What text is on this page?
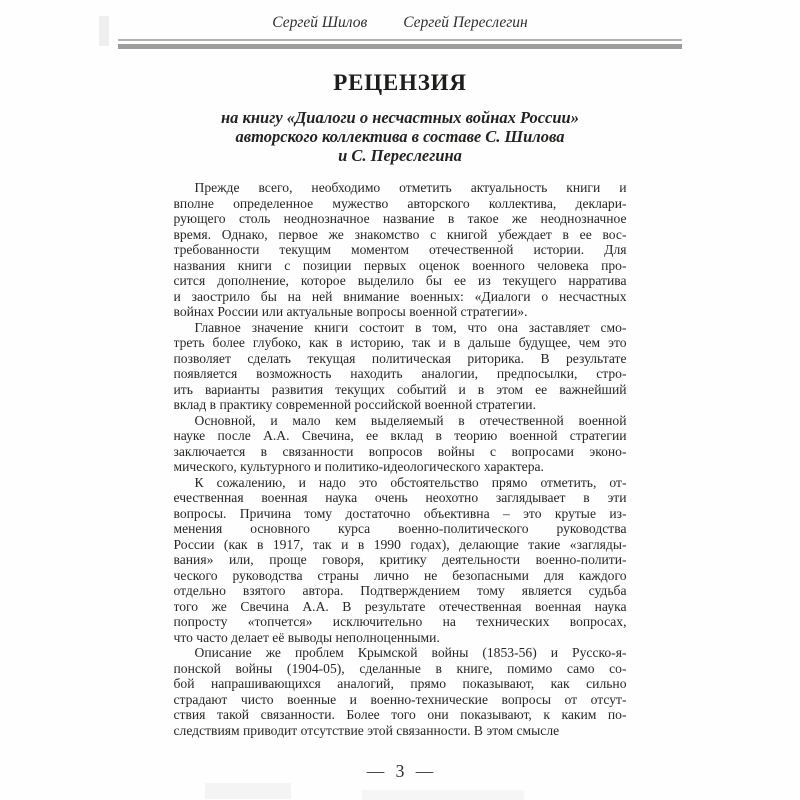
Сергей Шилов Сергей Переслегин
РЕЦЕНЗИЯ
на книгу «Диалоги о несчастных войнах России»
авторского коллектива в составе С. Шилова
и С. Переслегина

Прежде всего, необходимо отметить актуальность книги и
вполне определенное мужество авторского коллектива, деклари-
рующего столь неоднозначное название в такое же неоднозначное
время. Однако, первое же знакомство с книгой убеждает в ее вос-
требованности текущим моментом отечественной истории. Для
названия книги с позиции первых оценок военного человека про-
сится дополнение, которое выделило бы ее из текущего нарратива
и заострило бы на ней внимание военных: «Диалоги о несчастных
войнах России или актуальные вопросы военной стратегии».

Главное значение книги состоит в том, что она заставляет смо-
треть более глубоко, как в историю, так и в дальше будущее, чем это
позволяет сделать текущая политическая риторика. В результате
появляется возможность находить аналогии, предпосылки, стро-
ить варианты развития текущих событий и в этом ее важнейший
вклад в практику современной российской военной стратегии.

Основной, и мало кем выделяемый в отечественной военной
науке после А.А. Свечина, ее вклад в теорию военной стратегии
заключается в связанности вопросов войны с вопросами эконо-
мического, культурного и политико-идеологического характера.

К сожалению, и надо это обстоятельство прямо отметить, от-
ечественная военная наука очень неохотно заглядывает в эти
вопросы. Причина тому достаточно объективна – это крутые из-
менения основного курса военно-политического руководства
России (как в 1917, так и в 1990 годах), делающие такие «загляды-
вания» или, проще говоря, критику деятельности военно-полити-
ческого руководства страны лично не безопасными для каждого
отдельно взятого автора. Подтверждением тому является судьба
того же Свечина А.А. В результате отечественная военная наука
попросту «топчется» исключительно на технических вопросах,
что часто делает её выводы неполноценными.

Описание же проблем Крымской войны (1853-56) и Русско-я-
понской войны (1904-05), сделанные в книге, помимо само со-
бой напрашивающихся аналогий, прямо показывают, как сильно
страдают чисто военные и военно-технические вопросы от отсут-
ствия такой связанности. Более того они показывают, к каким по-
следствиям приводит отсутствие этой связанности. В этом смысле

— 3 —
